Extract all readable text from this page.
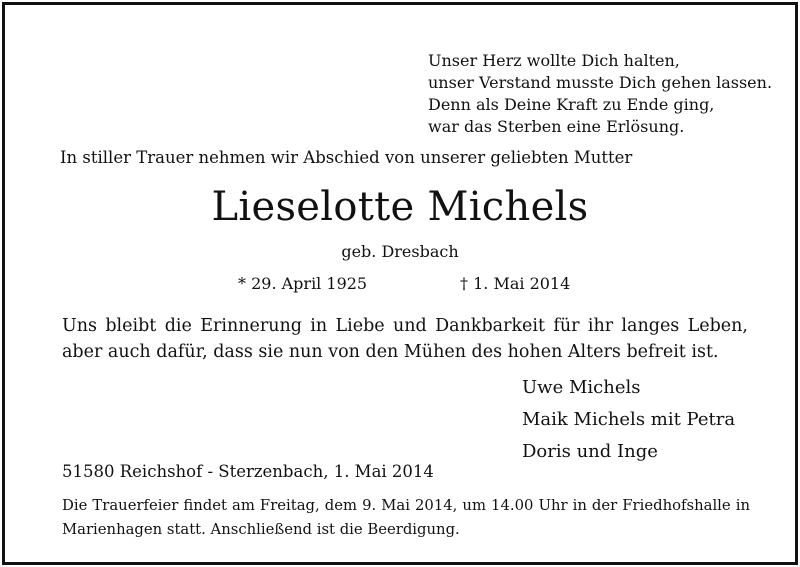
Unser Herz wollte Dich halten,
unser Verstand musste Dich gehen lassen.
Denn als Deine Kraft zu Ende ging,
war das Sterben eine Erlösung.
In stiller Trauer nehmen wir Abschied von unserer geliebten Mutter
Lieselotte Michels
geb. Dresbach
* 29. April 1925	† 1. Mai 2014
Uns bleibt die Erinnerung in Liebe und Dankbarkeit für ihr langes Leben,
aber auch dafür, dass sie nun von den Mühen des hohen Alters befreit ist.
Uwe Michels
Maik Michels mit Petra
Doris und Inge
51580 Reichshof - Sterzenbach, 1. Mai 2014
Die Trauerfeier findet am Freitag, dem 9. Mai 2014, um 14.00 Uhr in der Friedhofshalle in
Marienhagen statt. Anschließend ist die Beerdigung.
